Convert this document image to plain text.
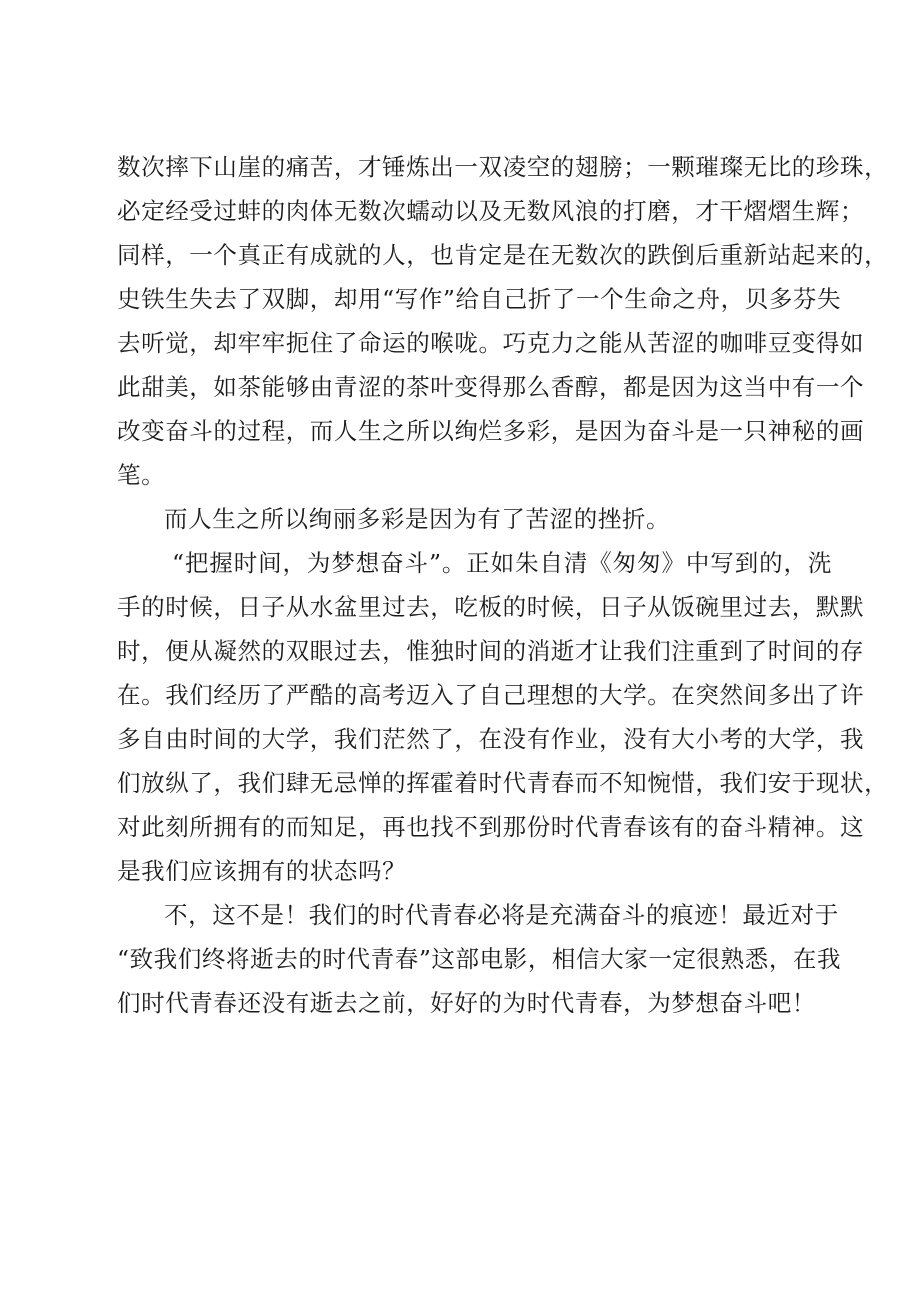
数次摔下山崖的痛苦，才锤炼出一双凌空的翅膀；一颗璀璨无比的珍珠，
必定经受过蚌的肉体无数次蠕动以及无数风浪的打磨，才干熠熠生辉；
同样，一个真正有成就的人，也肯定是在无数次的跌倒后重新站起来的，
史铁生失去了双脚，却用“写作”给自己折了一个生命之舟，贝多芬失
去听觉，却牢牢扼住了命运的喉咙。巧克力之能从苦涩的咖啡豆变得如
此甜美，如茶能够由青涩的茶叶变得那么香醇，都是因为这当中有一个
改变奋斗的过程，而人生之所以绚烂多彩，是因为奋斗是一只神秘的画
笔。
而人生之所以绚丽多彩是因为有了苦涩的挫折。
“把握时间，为梦想奋斗”。正如朱自清《匆匆》中写到的，洗
手的时候，日子从水盆里过去，吃板的时候，日子从饭碗里过去，默默
时，便从凝然的双眼过去，惟独时间的消逝才让我们注重到了时间的存
在。我们经历了严酷的高考迈入了自己理想的大学。在突然间多出了许
多自由时间的大学，我们茫然了，在没有作业，没有大小考的大学，我
们放纵了，我们肆无忌惮的挥霍着时代青春而不知惋惜，我们安于现状，
对此刻所拥有的而知足，再也找不到那份时代青春该有的奋斗精神。这
是我们应该拥有的状态吗？
不，这不是！我们的时代青春必将是充满奋斗的痕迹！最近对于
“致我们终将逝去的时代青春”这部电影，相信大家一定很熟悉，在我
们时代青春还没有逝去之前，好好的为时代青春，为梦想奋斗吧！
